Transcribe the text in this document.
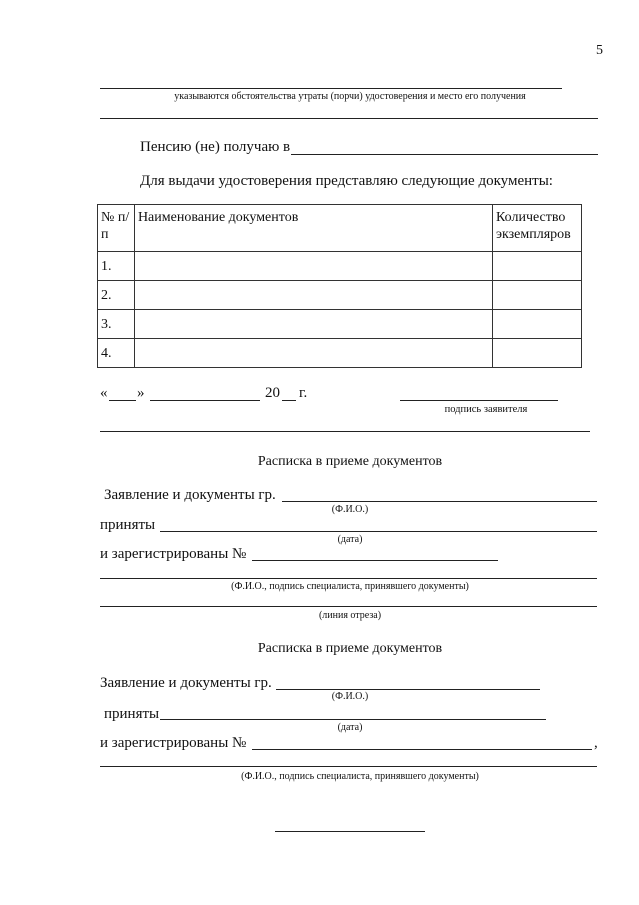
5
указываются обстоятельства утраты (порчи) удостоверения и место его получения
Пенсию (не) получаю в
Для выдачи удостоверения представляю следующие документы:
№ п/п	Наименование документов	Количество экземпляров
1.		
2.		
3.		
4.		
« »	20 г.
подпись заявителя
Расписка в приеме документов
Заявление и документы гр.
(Ф.И.О.)
приняты
(дата)
и зарегистрированы №
(Ф.И.О., подпись специалиста, принявшего документы)
(линия отреза)
Расписка в приеме документов
Заявление и документы гр.
(Ф.И.О.)
приняты
(дата)
и зарегистрированы №	,
(Ф.И.О., подпись специалиста, принявшего документы)
